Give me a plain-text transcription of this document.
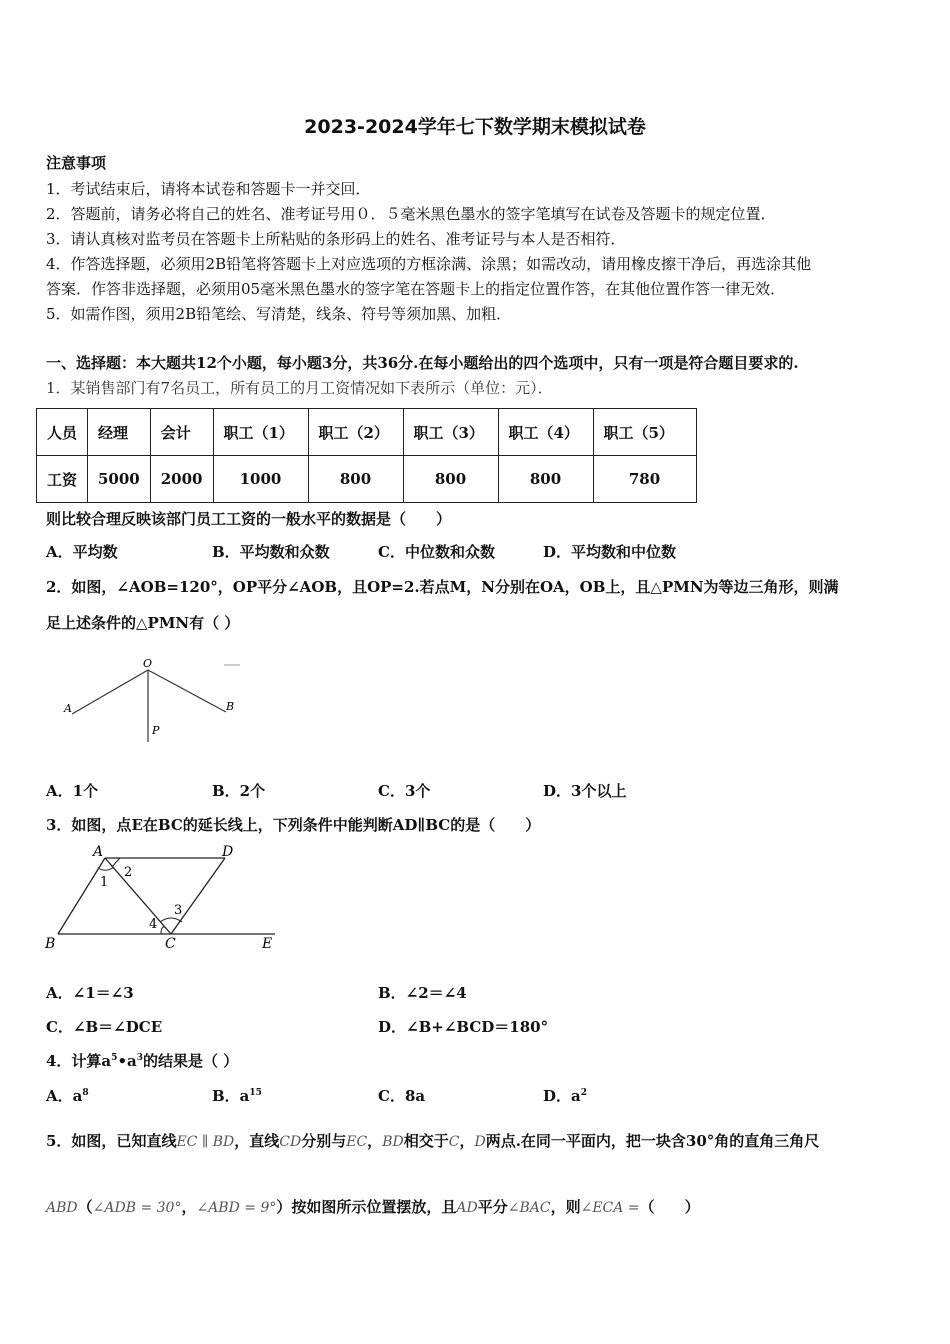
2023-2024学年七下数学期末模拟试卷
注意事项
1．考试结束后，请将本试卷和答题卡一并交回．
2．答题前，请务必将自己的姓名、准考证号用０．５毫米黑色墨水的签字笔填写在试卷及答题卡的规定位置．
3．请认真核对监考员在答题卡上所粘贴的条形码上的姓名、准考证号与本人是否相符．
4．作答选择题，必须用2B铅笔将答题卡上对应选项的方框涂满、涂黑；如需改动，请用橡皮擦干净后，再选涂其他
答案．作答非选择题，必须用05毫米黑色墨水的签字笔在答题卡上的指定位置作答，在其他位置作答一律无效．
5．如需作图，须用2B铅笔绘、写清楚，线条、符号等须加黑、加粗．
一、选择题：本大题共12个小题，每小题3分，共36分.在每小题给出的四个选项中，只有一项是符合题目要求的.
1．某销售部门有7名员工，所有员工的月工资情况如下表所示（单位：元）．
人员	经理	会计	职工（1）	职工（2）	职工（3）	职工（4）	职工（5）
工资	5000	2000	1000	800	800	800	780
则比较合理反映该部门员工工资的一般水平的数据是（　　）
A．平均数	B．平均数和众数	C．中位数和众数	D．平均数和中位数
2．如图，∠AOB=120°，OP平分∠AOB，且OP=2.若点M，N分别在OA，OB上，且△PMN为等边三角形，则满
足上述条件的△PMN有（ ）
O
A	B
P
A．1个	B．2个	C．3个	D．3个以上
3．如图，点E在BC的延长线上，下列条件中能判断AD∥BC的是（　　）
A	D
B	C	E
1
2
3
4
A．∠1＝∠3	B．∠2＝∠4
C．∠B＝∠DCE	D．∠B+∠BCD＝180°
4．计算$a^5•a^3$的结果是（ ）
A．$a^8$	B．$a^{15}$	C．8a	D．$a^2$
5．如图，已知直线EC ∥ BD，直线CD分别与EC，BD相交于C，D两点.在同一平面内，把一块含30°角的直角三角尺
ABD（∠ADB = 30°，∠ABD = 9°）按如图所示位置摆放，且AD平分∠BAC，则∠ECA =（　　）
